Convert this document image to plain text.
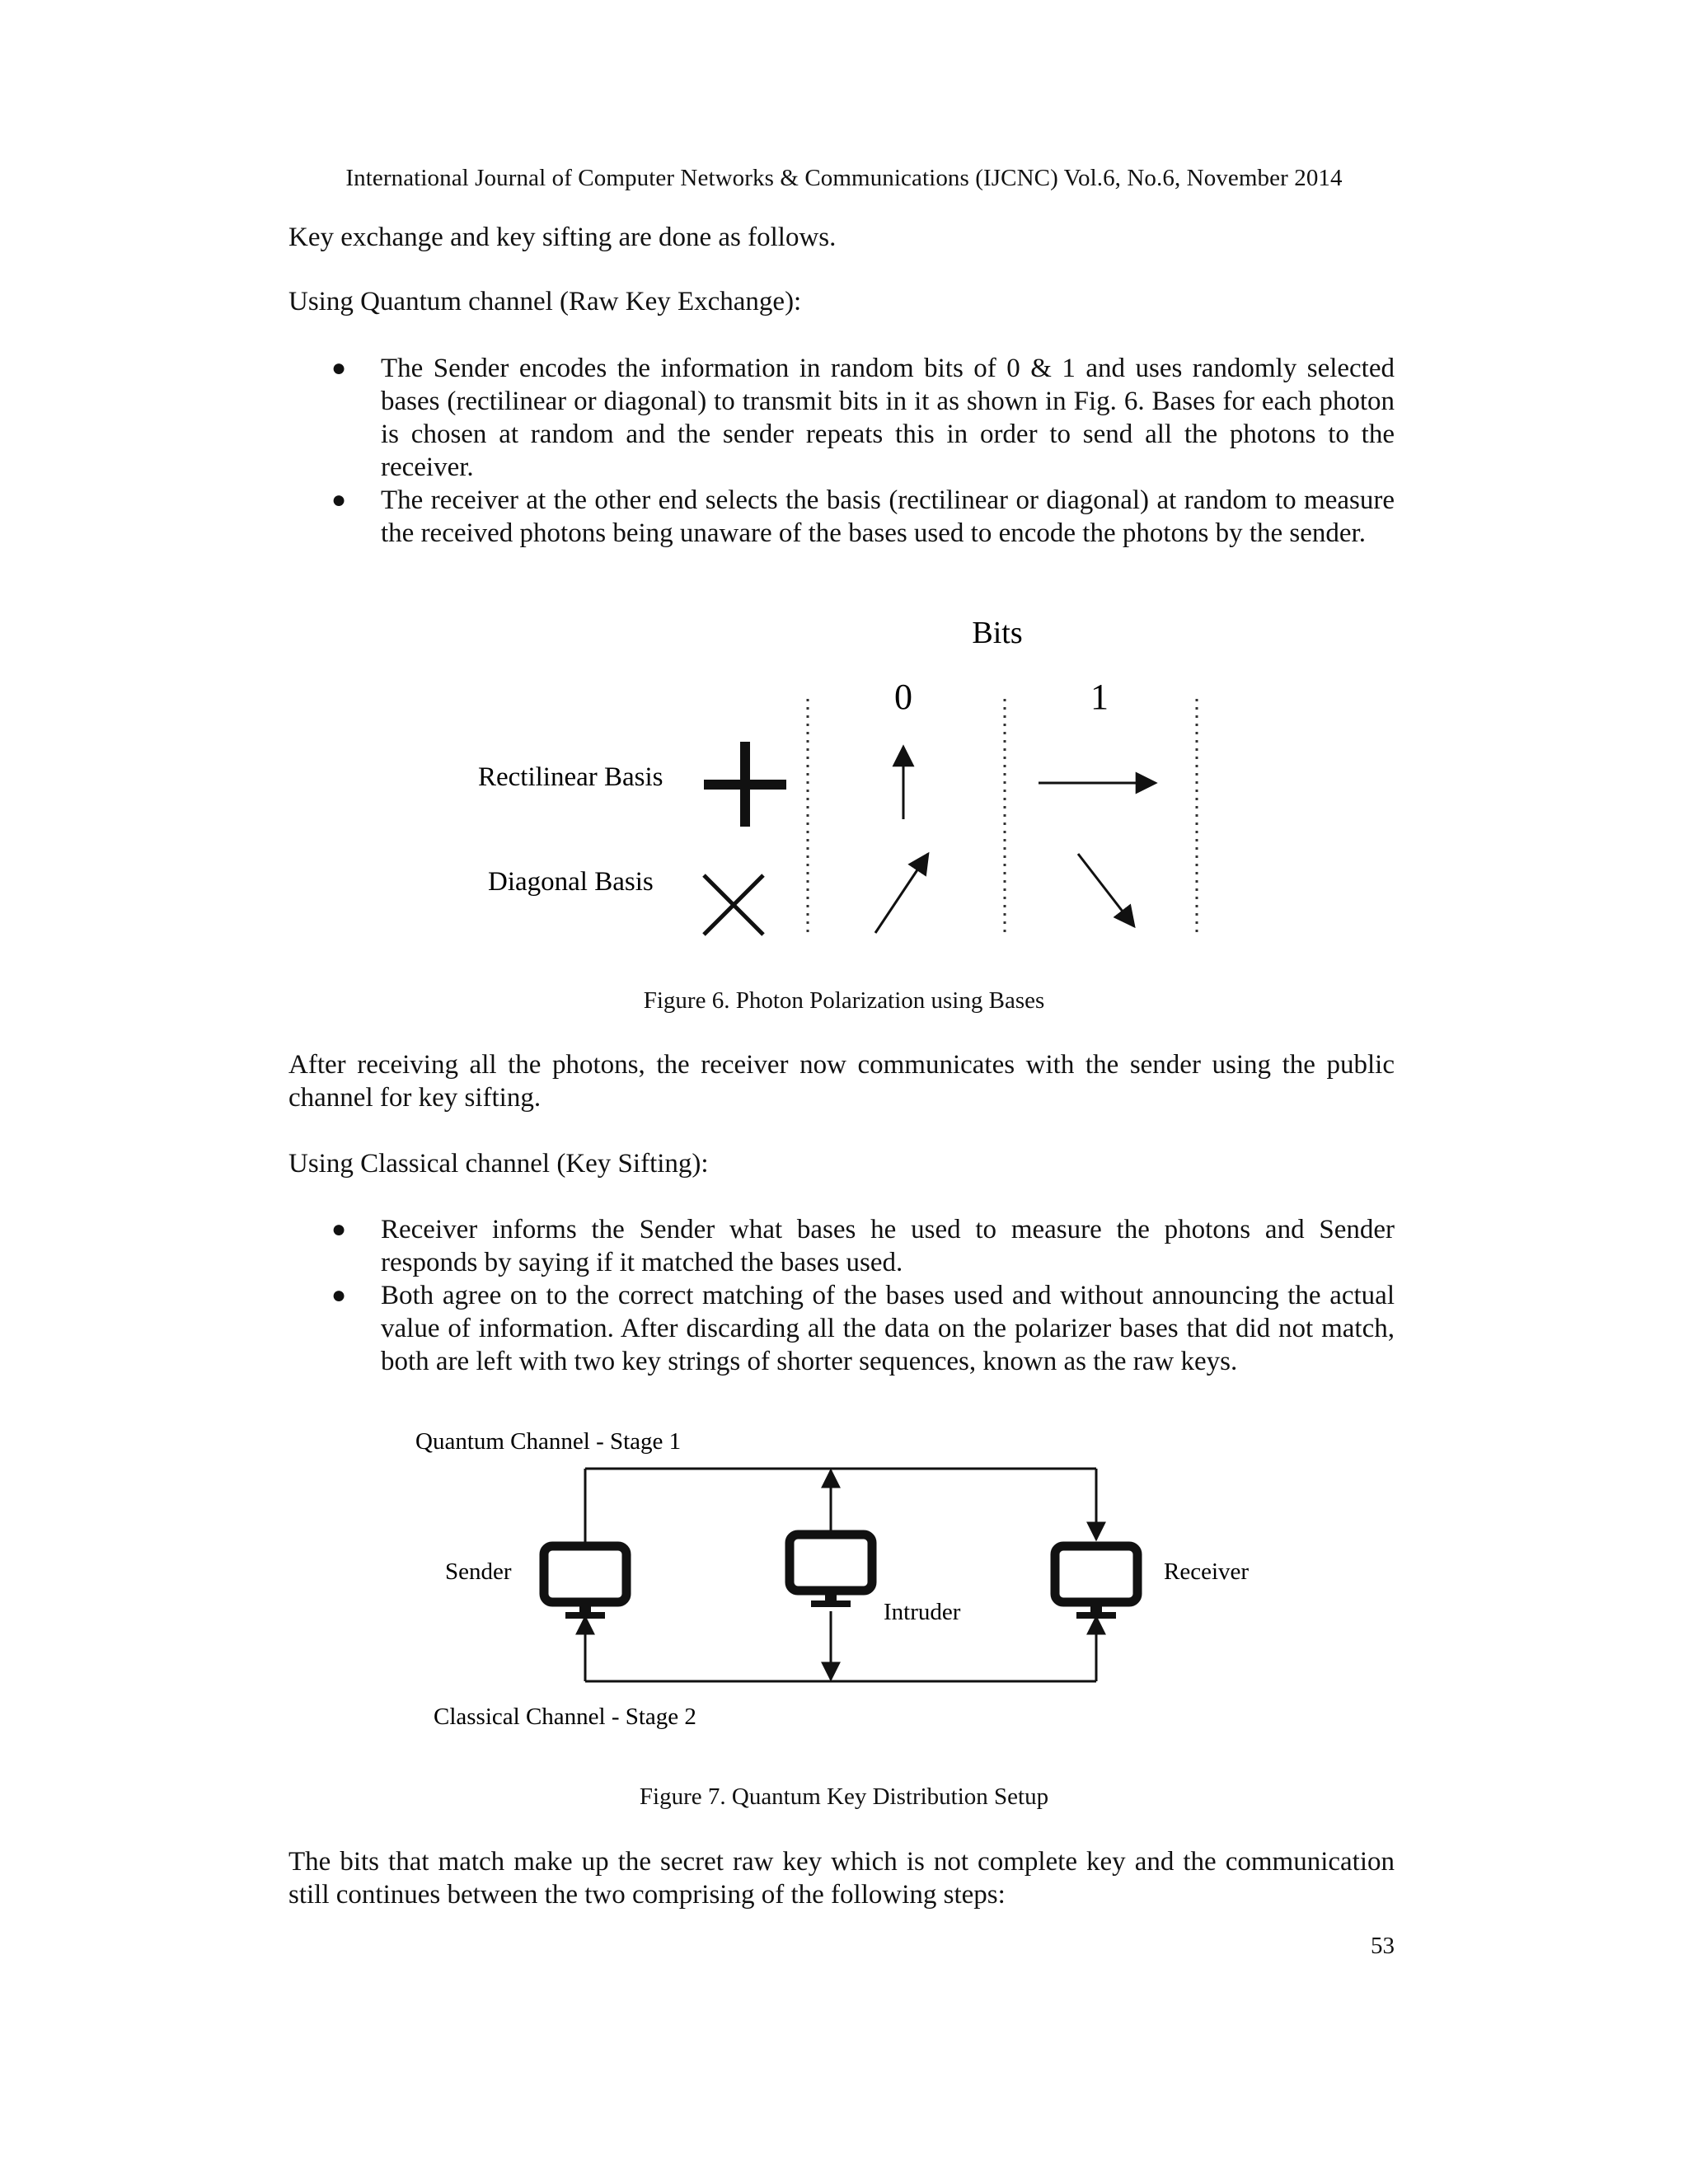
International Journal of Computer Networks & Communications (IJCNC) Vol.6, No.6, November 2014
Key exchange and key sifting are done as follows.
Using Quantum channel (Raw Key Exchange):
● The Sender encodes the information in random bits of 0 & 1 and uses randomly selected bases (rectilinear or diagonal) to transmit bits in it as shown in Fig. 6. Bases for each photon is chosen at random and the sender repeats this in order to send all the photons to the receiver.
● The receiver at the other end selects the basis (rectilinear or diagonal) at random to measure the received photons being unaware of the bases used to encode the photons by the sender.
Bits
0	1
Rectilinear Basis
Diagonal Basis
Figure 6. Photon Polarization using Bases
After receiving all the photons, the receiver now communicates with the sender using the public channel for key sifting.
Using Classical channel (Key Sifting):
● Receiver informs the Sender what bases he used to measure the photons and Sender responds by saying if it matched the bases used.
● Both agree on to the correct matching of the bases used and without announcing the actual value of information. After discarding all the data on the polarizer bases that did not match, both are left with two key strings of shorter sequences, known as the raw keys.
Quantum Channel - Stage 1
Classical Channel - Stage 2
Sender
Intruder
Receiver
Figure 7. Quantum Key Distribution Setup
The bits that match make up the secret raw key which is not complete key and the communication still continues between the two comprising of the following steps:
53
